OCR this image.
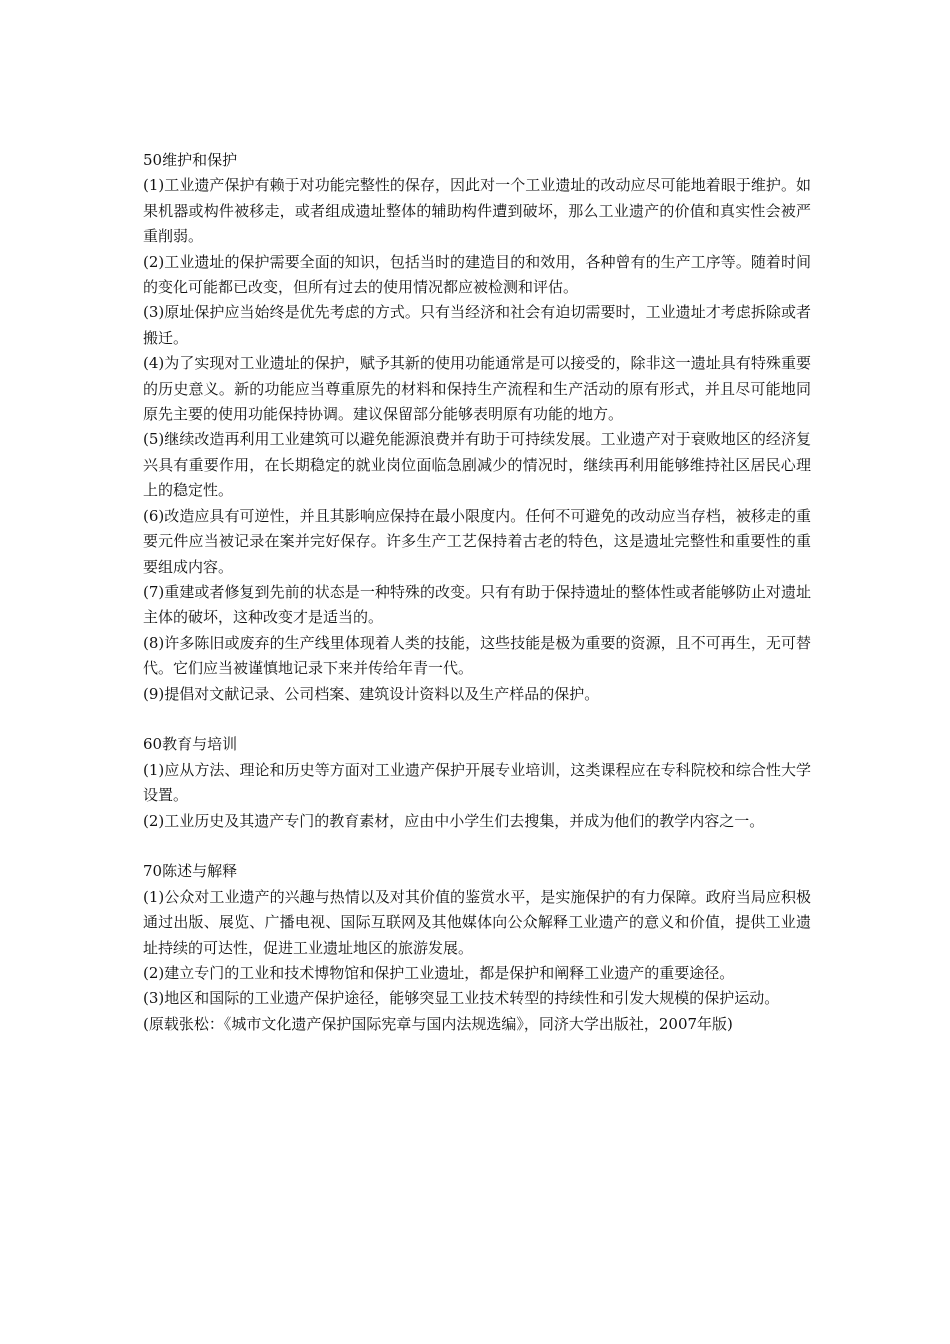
50维护和保护

(1)工业遗产保护有赖于对功能完整性的保存，因此对一个工业遗址的改动应尽可能地着眼于维护。如果机器或构件被移走，或者组成遗址整体的辅助构件遭到破坏，那么工业遗产的价值和真实性会被严重削弱。

(2)工业遗址的保护需要全面的知识，包括当时的建造目的和效用，各种曾有的生产工序等。随着时间的变化可能都已改变，但所有过去的使用情况都应被检测和评估。

(3)原址保护应当始终是优先考虑的方式。只有当经济和社会有迫切需要时，工业遗址才考虑拆除或者搬迁。

(4)为了实现对工业遗址的保护，赋予其新的使用功能通常是可以接受的，除非这一遗址具有特殊重要的历史意义。新的功能应当尊重原先的材料和保持生产流程和生产活动的原有形式，并且尽可能地同原先主要的使用功能保持协调。建议保留部分能够表明原有功能的地方。

(5)继续改造再利用工业建筑可以避免能源浪费并有助于可持续发展。工业遗产对于衰败地区的经济复兴具有重要作用，在长期稳定的就业岗位面临急剧减少的情况时，继续再利用能够维持社区居民心理上的稳定性。

(6)改造应具有可逆性，并且其影响应保持在最小限度内。任何不可避免的改动应当存档，被移走的重要元件应当被记录在案并完好保存。许多生产工艺保持着古老的特色，这是遗址完整性和重要性的重要组成内容。

(7)重建或者修复到先前的状态是一种特殊的改变。只有有助于保持遗址的整体性或者能够防止对遗址主体的破坏，这种改变才是适当的。

(8)许多陈旧或废弃的生产线里体现着人类的技能，这些技能是极为重要的资源，且不可再生，无可替代。它们应当被谨慎地记录下来并传给年青一代。

(9)提倡对文献记录、公司档案、建筑设计资料以及生产样品的保护。

60教育与培训

(1)应从方法、理论和历史等方面对工业遗产保护开展专业培训，这类课程应在专科院校和综合性大学设置。

(2)工业历史及其遗产专门的教育素材，应由中小学生们去搜集，并成为他们的教学内容之一。

70陈述与解释

(1)公众对工业遗产的兴趣与热情以及对其价值的鉴赏水平，是实施保护的有力保障。政府当局应积极通过出版、展览、广播电视、国际互联网及其他媒体向公众解释工业遗产的意义和价值，提供工业遗址持续的可达性，促进工业遗址地区的旅游发展。

(2)建立专门的工业和技术博物馆和保护工业遗址，都是保护和阐释工业遗产的重要途径。

(3)地区和国际的工业遗产保护途径，能够突显工业技术转型的持续性和引发大规模的保护运动。

(原载张松：《城市文化遗产保护国际宪章与国内法规选编》，同济大学出版社，2007年版)
